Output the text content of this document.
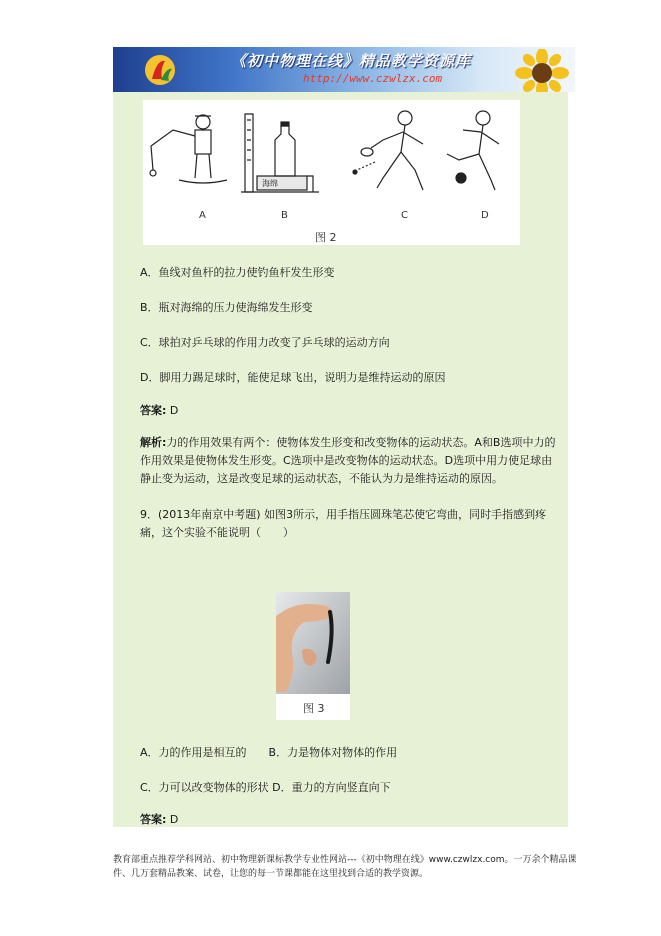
《初中物理在线》精品教学资源库
http://www.czwlzx.com
海绵
A	B	C	D
图 2
A．鱼线对鱼杆的拉力使钓鱼杆发生形变
B．瓶对海绵的压力使海绵发生形变
C．球拍对乒乓球的作用力改变了乒乓球的运动方向
D．脚用力踢足球时，能使足球飞出，说明力是维持运动的原因
答案: D
解析:力的作用效果有两个：使物体发生形变和改变物体的运动状态。A和B选项中力的作用效果是使物体发生形变。C选项中是改变物体的运动状态。D选项中用力使足球由静止变为运动，这是改变足球的运动状态，不能认为力是维持运动的原因。
9．(2013年南京中考题) 如图3所示，用手指压圆珠笔芯使它弯曲，同时手指感到疼痛，这个实验不能说明（　　）
图 3
A．力的作用是相互的　　B．力是物体对物体的作用
C．力可以改变物体的形状 D．重力的方向竖直向下
答案: D
教育部重点推荐学科网站、初中物理新课标教学专业性网站---《初中物理在线》www.czwlzx.com。一万余个精品课件、几万套精品教案、试卷，让您的每一节课都能在这里找到合适的教学资源。
